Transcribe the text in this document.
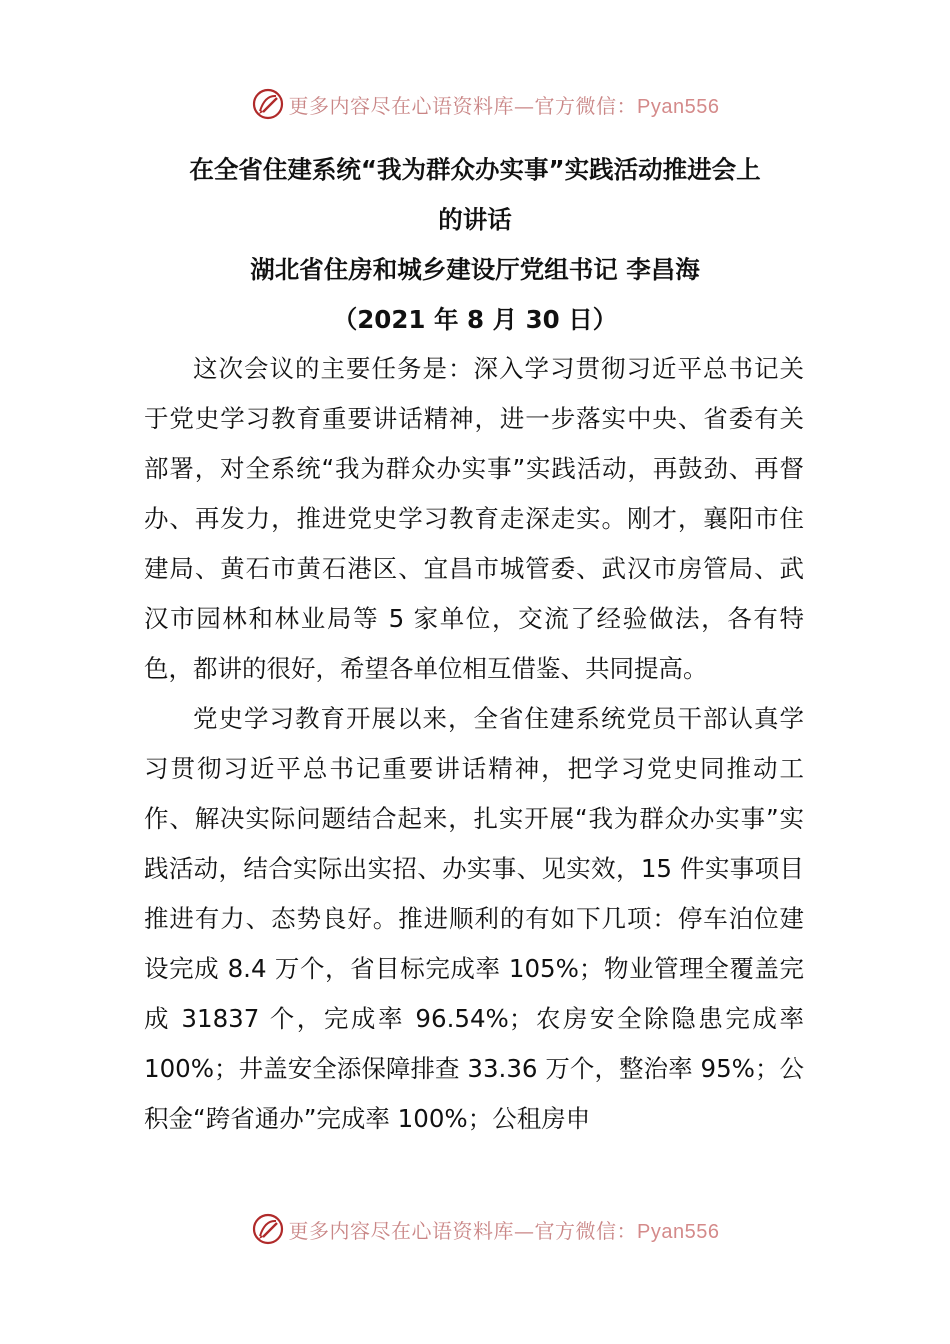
更多内容尽在心语资料库—官方微信：Pyan556
在全省住建系统“我为群众办实事”实践活动推进会上
的讲话
湖北省住房和城乡建设厅党组书记 李昌海
（2021 年 8 月 30 日）

这次会议的主要任务是：深入学习贯彻习近平总书记关于党史学习教育重要讲话精神，进一步落实中央、省委有关部署，对全系统“我为群众办实事”实践活动，再鼓劲、再督办、再发力，推进党史学习教育走深走实。刚才，襄阳市住建局、黄石市黄石港区、宜昌市城管委、武汉市房管局、武汉市园林和林业局等 5 家单位，交流了经验做法，各有特色，都讲的很好，希望各单位相互借鉴、共同提高。

党史学习教育开展以来，全省住建系统党员干部认真学习贯彻习近平总书记重要讲话精神，把学习党史同推动工作、解决实际问题结合起来，扎实开展“我为群众办实事”实践活动，结合实际出实招、办实事、见实效，15 件实事项目推进有力、态势良好。推进顺利的有如下几项：停车泊位建设完成 8.4 万个，省目标完成率 105%；物业管理全覆盖完成 31837 个，完成率 96.54%；农房安全除隐患完成率 100%；井盖安全添保障排查 33.36 万个，整治率 95%；公积金“跨省通办”完成率 100%；公租房申

更多内容尽在心语资料库—官方微信：Pyan556
